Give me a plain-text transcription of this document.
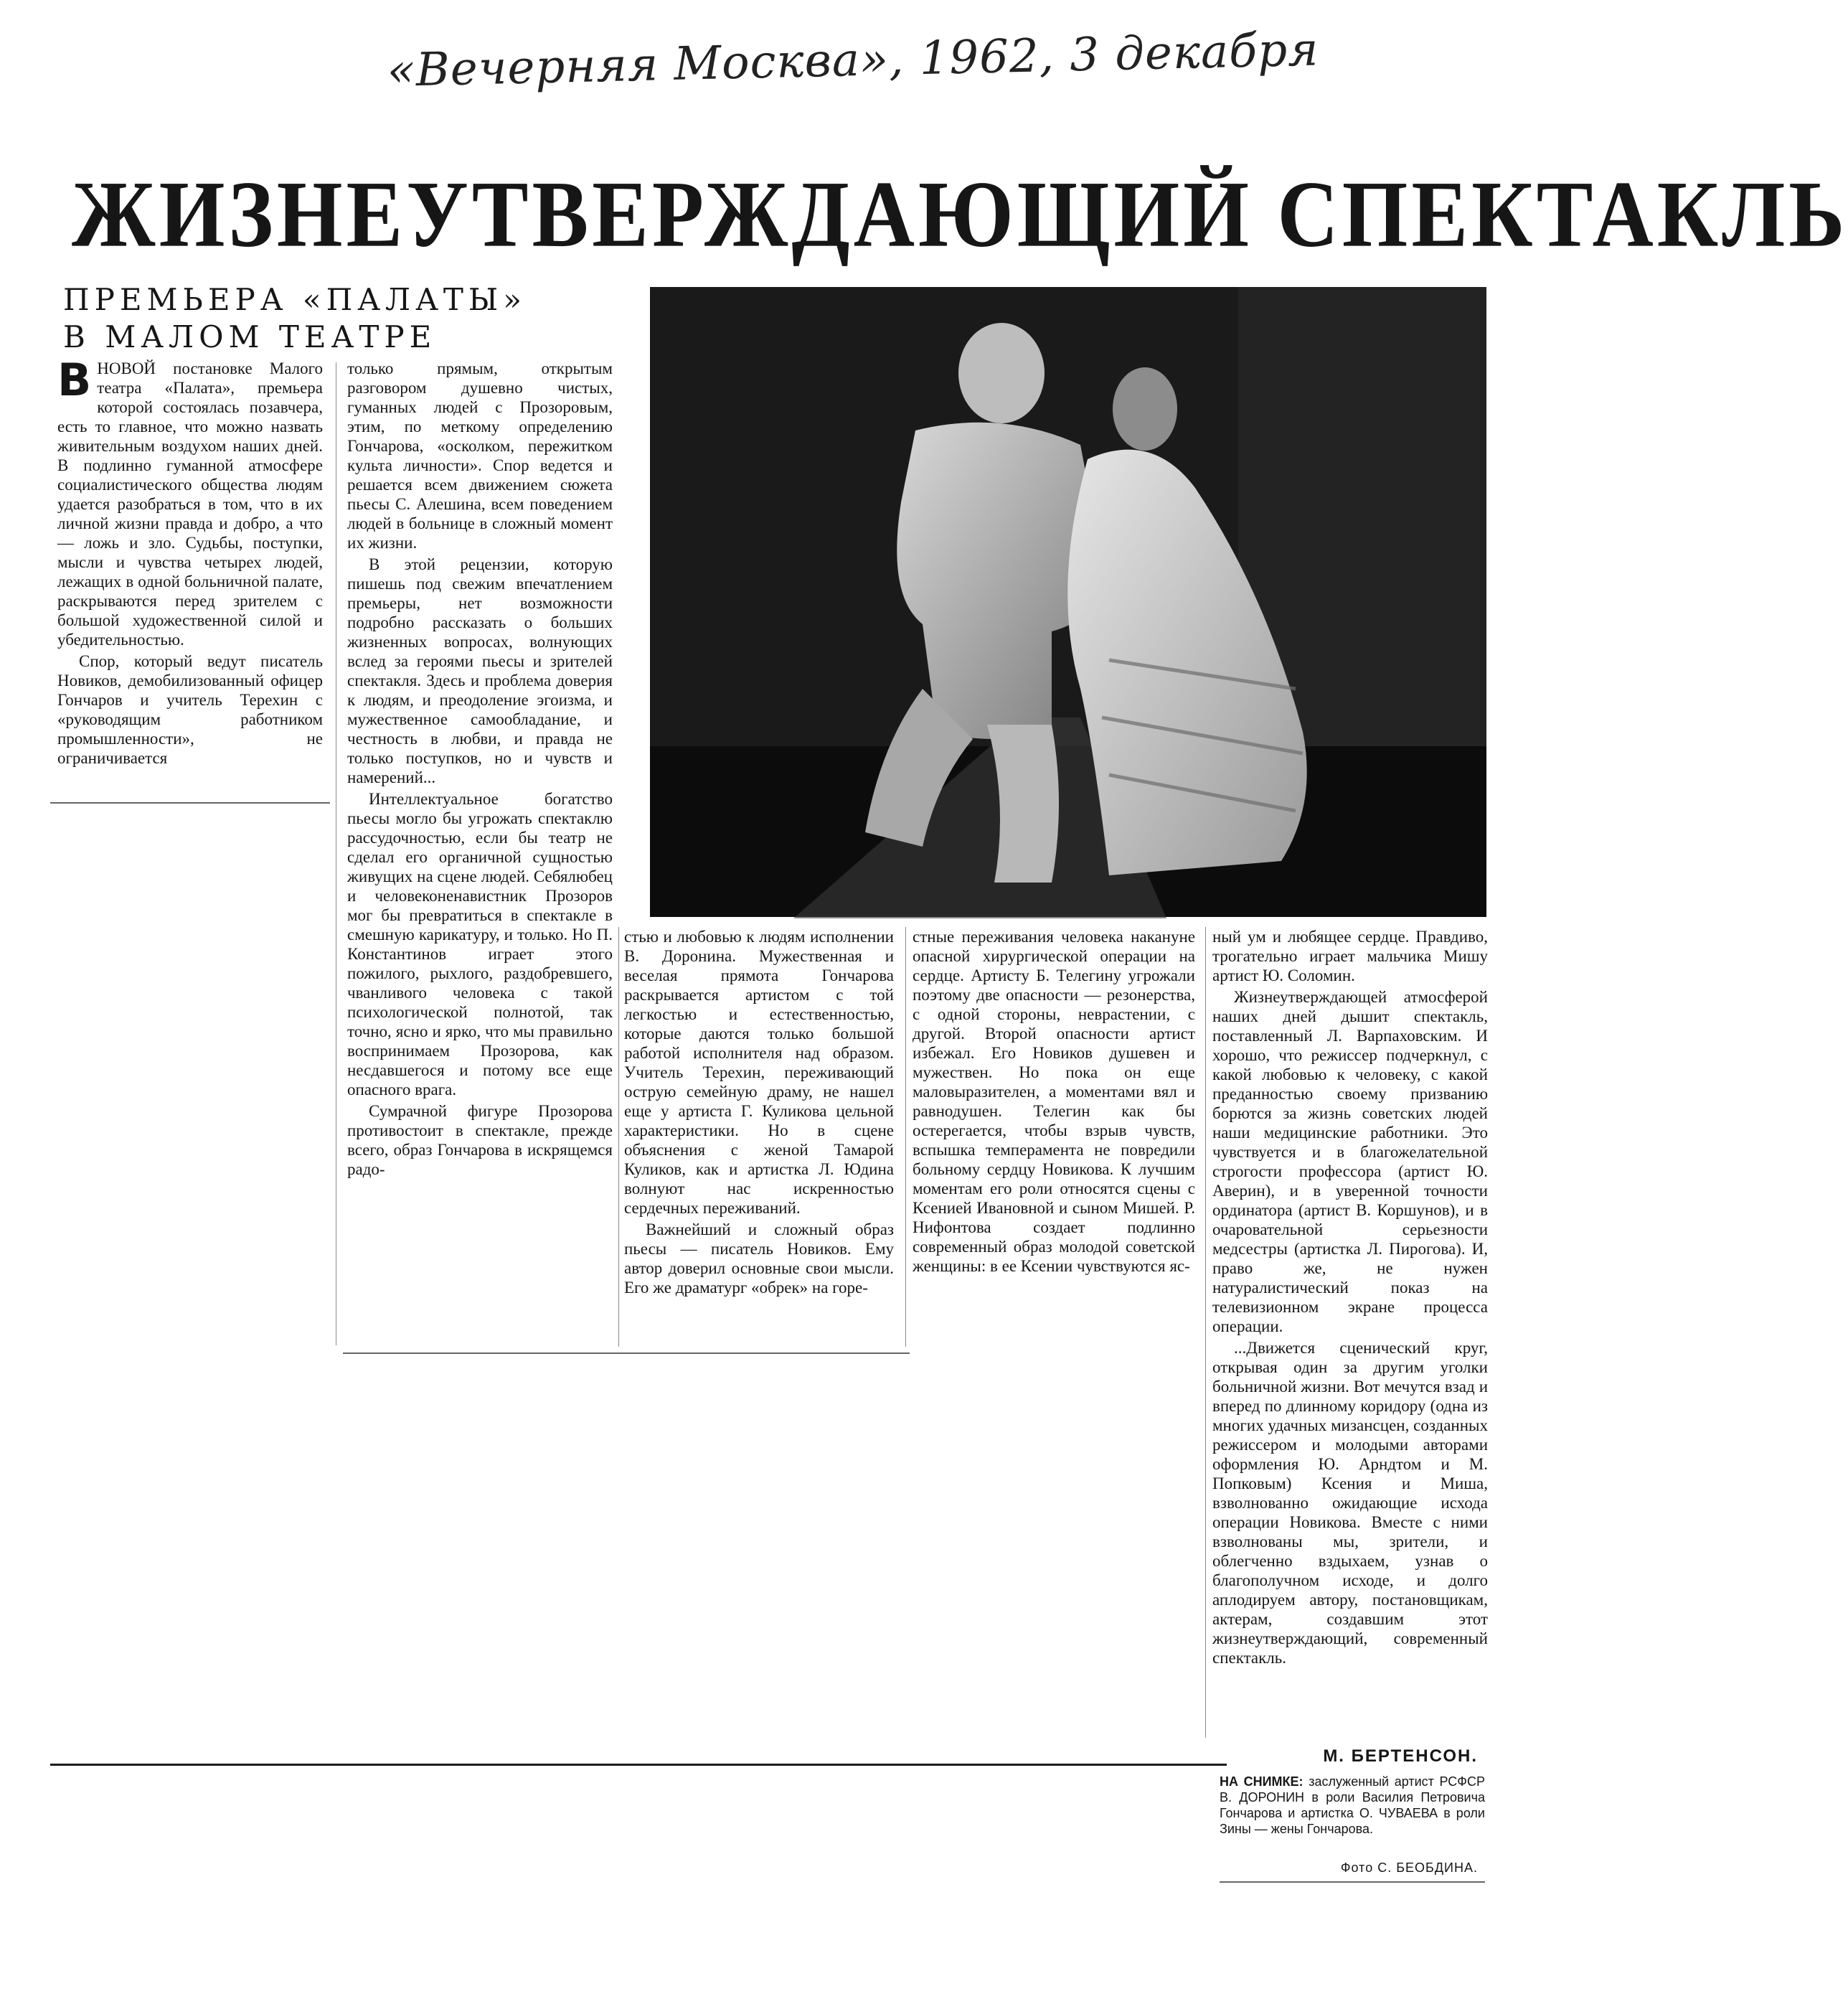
«Вечерняя Москва», 1962, 3 декабря
ЖИЗНЕУТВЕРЖДАЮЩИЙ СПЕКТАКЛЬ
ПРЕМЬЕРА «ПАЛАТЫ»
В МАЛОМ ТЕАТРЕ

ВНОВОЙ постановке Малого театра «Палата», премьера которой состоялась позавчера, есть то главное, что можно назвать живительным воздухом наших дней. В подлинно гуманной атмосфере социалистического общества людям удается разобраться в том, что в их личной жизни правда и добро, а что — ложь и зло. Судьбы, поступки, мысли и чувства четырех людей, лежащих в одной больничной палате, раскрываются перед зрителем с большой художественной силой и убедительностью.

Спор, который ведут писатель Новиков, демобилизованный офицер Гончаров и учитель Терехин с «руководящим работником промышленности», не ограничивается

только прямым, открытым разговором душевно чистых, гуманных людей с Прозоровым, этим, по меткому определению Гончарова, «осколком, пережитком культа личности». Спор ведется и решается всем движением сюжета пьесы С. Алешина, всем поведением людей в больнице в сложный момент их жизни.

В этой рецензии, которую пишешь под свежим впечатлением премьеры, нет возможности подробно рассказать о больших жизненных вопросах, волнующих вслед за героями пьесы и зрителей спектакля. Здесь и проблема доверия к людям, и преодоление эгоизма, и мужественное самообладание, и честность в любви, и правда не только поступков, но и чувств и намерений...

Интеллектуальное богатство пьесы могло бы угрожать спектаклю рассудочностью, если бы театр не сделал его органичной сущностью живущих на сцене людей. Себялюбец и человеконенавистник Прозоров мог бы превратиться в спектакле в смешную карикатуру, и только. Но П. Константинов играет этого пожилого, рыхлого, раздобревшего, чванливого человека с такой психологической полнотой, так точно, ясно и ярко, что мы правильно воспринимаем Прозорова, как несдавшегося и потому все еще опасного врага.

Сумрачной фигуре Прозорова противостоит в спектакле, прежде всего, образ Гончарова в искрящемся радо-

стью и любовью к людям исполнении В. Доронина. Мужественная и веселая прямота Гончарова раскрывается артистом с той легкостью и естественностью, которые даются только большой работой исполнителя над образом. Учитель Терехин, переживающий острую семейную драму, не нашел еще у артиста Г. Куликова цельной характеристики. Но в сцене объяснения с женой Тамарой Куликов, как и артистка Л. Юдина волнуют нас искренностью сердечных переживаний.

Важнейший и сложный образ пьесы — писатель Новиков. Ему автор доверил основные свои мысли. Его же драматург «обрек» на горе-

стные переживания человека накануне опасной хирургической операции на сердце. Артисту Б. Телегину угрожали поэтому две опасности — резонерства, с одной стороны, неврастении, с другой. Второй опасности артист избежал. Его Новиков душевен и мужествен. Но пока он еще маловыразителен, а моментами вял и равнодушен. Телегин как бы остерегается, чтобы взрыв чувств, вспышка темперамента не повредили больному сердцу Новикова. К лучшим моментам его роли относятся сцены с Ксенией Ивановной и сыном Мишей. Р. Нифонтова создает подлинно современный образ молодой советской женщины: в ее Ксении чувствуются яс-

ный ум и любящее сердце. Правдиво, трогательно играет мальчика Мишу артист Ю. Соломин.

Жизнеутверждающей атмосферой наших дней дышит спектакль, поставленный Л. Варпаховским. И хорошо, что режиссер подчеркнул, с какой любовью к человеку, с какой преданностью своему призванию борются за жизнь советских людей наши медицинские работники. Это чувствуется и в благожелательной строгости профессора (артист Ю. Аверин), и в уверенной точности ординатора (артист В. Коршунов), и в очаровательной серьезности медсестры (артистка Л. Пирогова). И, право же, не нужен натуралистический показ на телевизионном экране процесса операции.

...Движется сценический круг, открывая один за другим уголки больничной жизни. Вот мечутся взад и вперед по длинному коридору (одна из многих удачных мизансцен, созданных режиссером и молодыми авторами оформления Ю. Арндтом и М. Попковым) Ксения и Миша, взволнованно ожидающие исхода операции Новикова. Вместе с ними взволнованы мы, зрители, и облегченно вздыхаем, узнав о благополучном исходе, и долго аплодируем автору, постановщикам, актерам, создавшим этот жизнеутверждающий, современный спектакль.

М. БЕРТЕНСОН.
НА СНИМКЕ: заслуженный артист РСФСР В. ДОРОНИН в роли Василия Петровича Гончарова и артистка О. ЧУВАЕВА в роли Зины — жены Гончарова.
Фото С. БЕОБДИНА.
